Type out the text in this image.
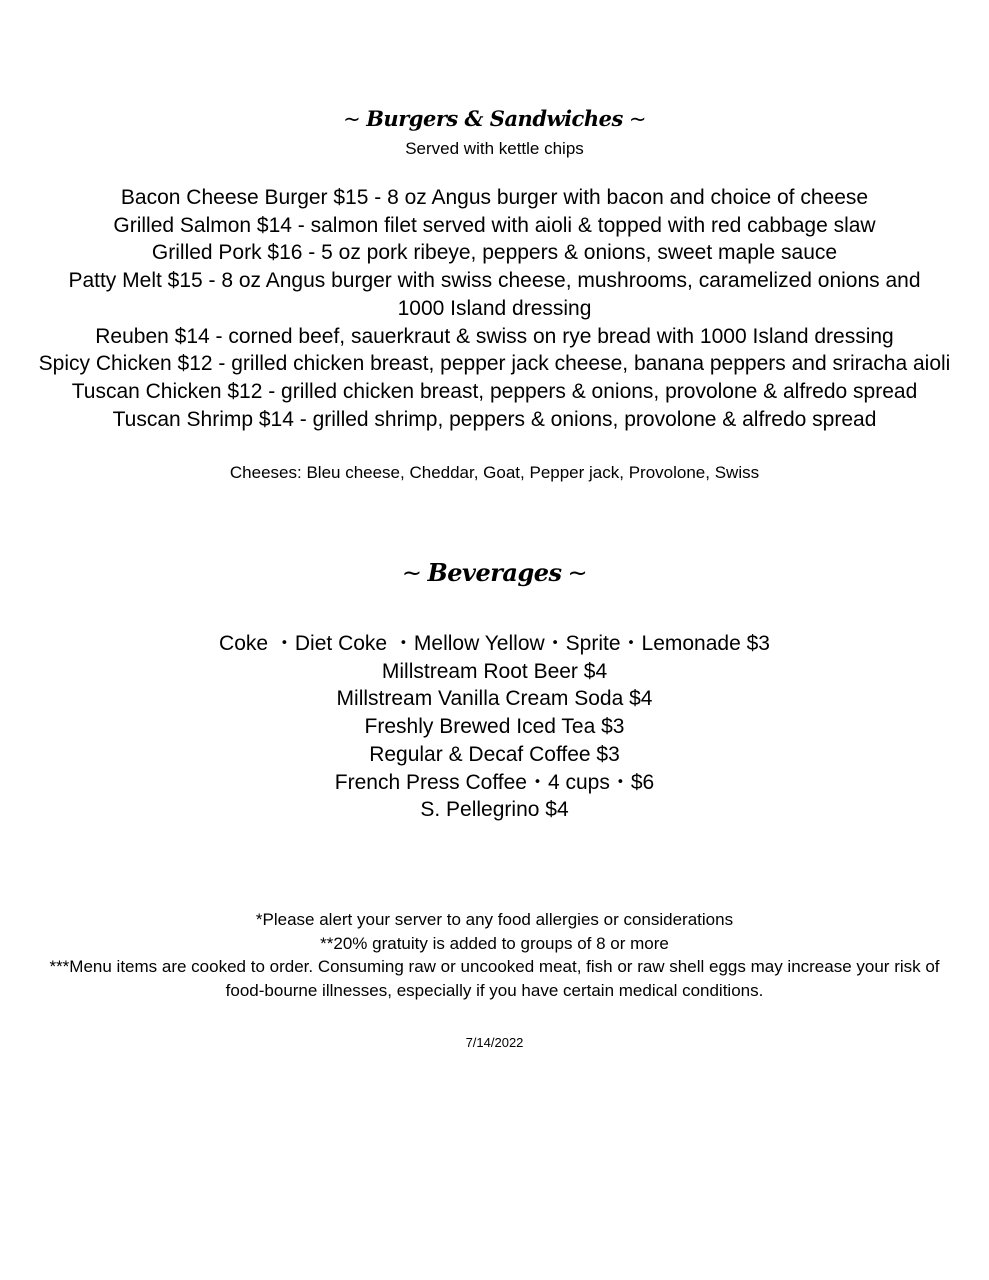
~ Burgers & Sandwiches ~
Served with kettle chips
Bacon Cheese Burger $15 - 8 oz Angus burger with bacon and choice of cheese
Grilled Salmon $14 - salmon filet served with aioli & topped with red cabbage slaw
Grilled Pork $16 - 5 oz pork ribeye, peppers & onions, sweet maple sauce
Patty Melt $15 - 8 oz Angus burger with swiss cheese, mushrooms, caramelized onions and
1000 Island dressing
Reuben $14 - corned beef, sauerkraut & swiss on rye bread with 1000 Island dressing
Spicy Chicken $12 - grilled chicken breast, pepper jack cheese, banana peppers and sriracha aioli
Tuscan Chicken $12 - grilled chicken breast, peppers & onions, provolone & alfredo spread
Tuscan Shrimp $14 - grilled shrimp, peppers & onions, provolone & alfredo spread
Cheeses: Bleu cheese, Cheddar, Goat, Pepper jack, Provolone, Swiss
~ Beverages ~
Coke ・Diet Coke ・Mellow Yellow・Sprite・Lemonade $3
Millstream Root Beer $4
Millstream Vanilla Cream Soda $4
Freshly Brewed Iced Tea $3
Regular & Decaf Coffee $3
French Press Coffee・4 cups・$6
S. Pellegrino $4
*Please alert your server to any food allergies or considerations
**20% gratuity is added to groups of 8 or more
***Menu items are cooked to order. Consuming raw or uncooked meat, fish or raw shell eggs may increase your risk of
food-bourne illnesses, especially if you have certain medical conditions.
7/14/2022
